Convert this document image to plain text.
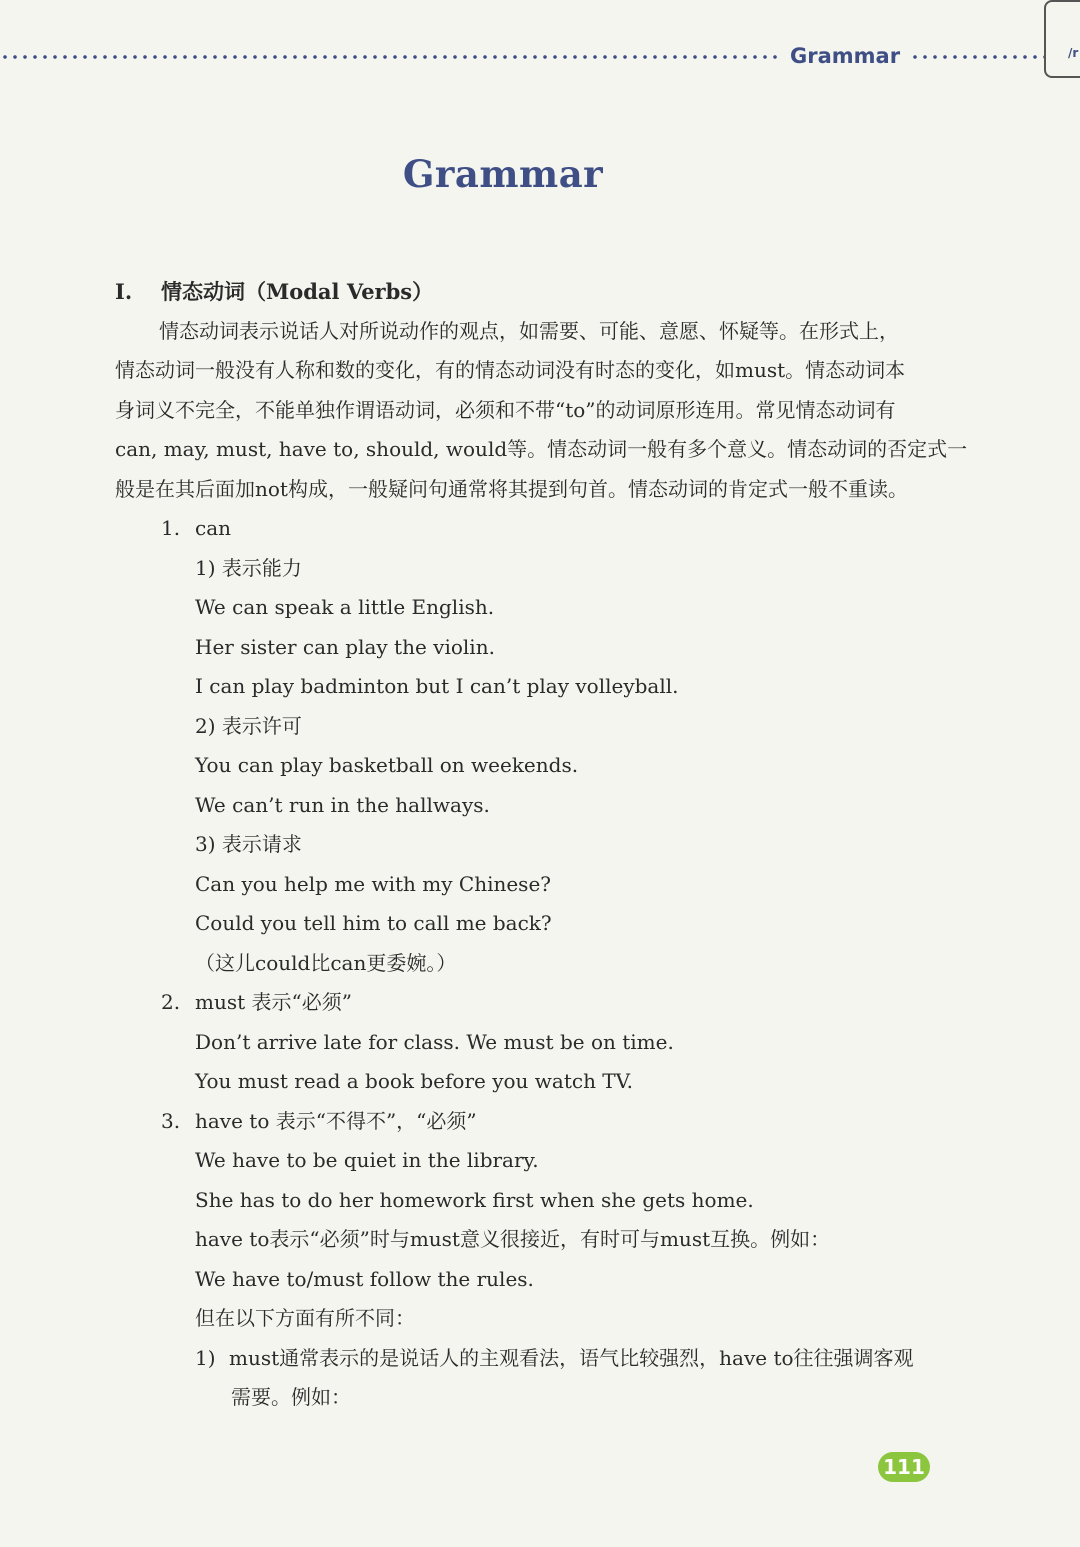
Grammar	/r
Grammar
I. 情态动词（Modal Verbs）
情态动词表示说话人对所说动作的观点，如需要、可能、意愿、怀疑等。在形式上，
情态动词一般没有人称和数的变化，有的情态动词没有时态的变化，如must。情态动词本
身词义不完全，不能单独作谓语动词，必须和不带“to”的动词原形连用。常见情态动词有
can, may, must, have to, should, would等。情态动词一般有多个意义。情态动词的否定式一
般是在其后面加not构成，一般疑问句通常将其提到句首。情态动词的肯定式一般不重读。
1. can
1) 表示能力
We can speak a little English.
Her sister can play the violin.
I can play badminton but I can’t play volleyball.
2) 表示许可
You can play basketball on weekends.
We can’t run in the hallways.
3) 表示请求
Can you help me with my Chinese?
Could you tell him to call me back?
（这儿could比can更委婉。）
2. must 表示“必须”
Don’t arrive late for class. We must be on time.
You must read a book before you watch TV.
3. have to 表示“不得不”，“必须”
We have to be quiet in the library.
She has to do her homework first when she gets home.
have to表示“必须”时与must意义很接近，有时可与must互换。例如：
We have to/must follow the rules.
但在以下方面有所不同：
1) must通常表示的是说话人的主观看法，语气比较强烈，have to往往强调客观
需要。例如：
111
